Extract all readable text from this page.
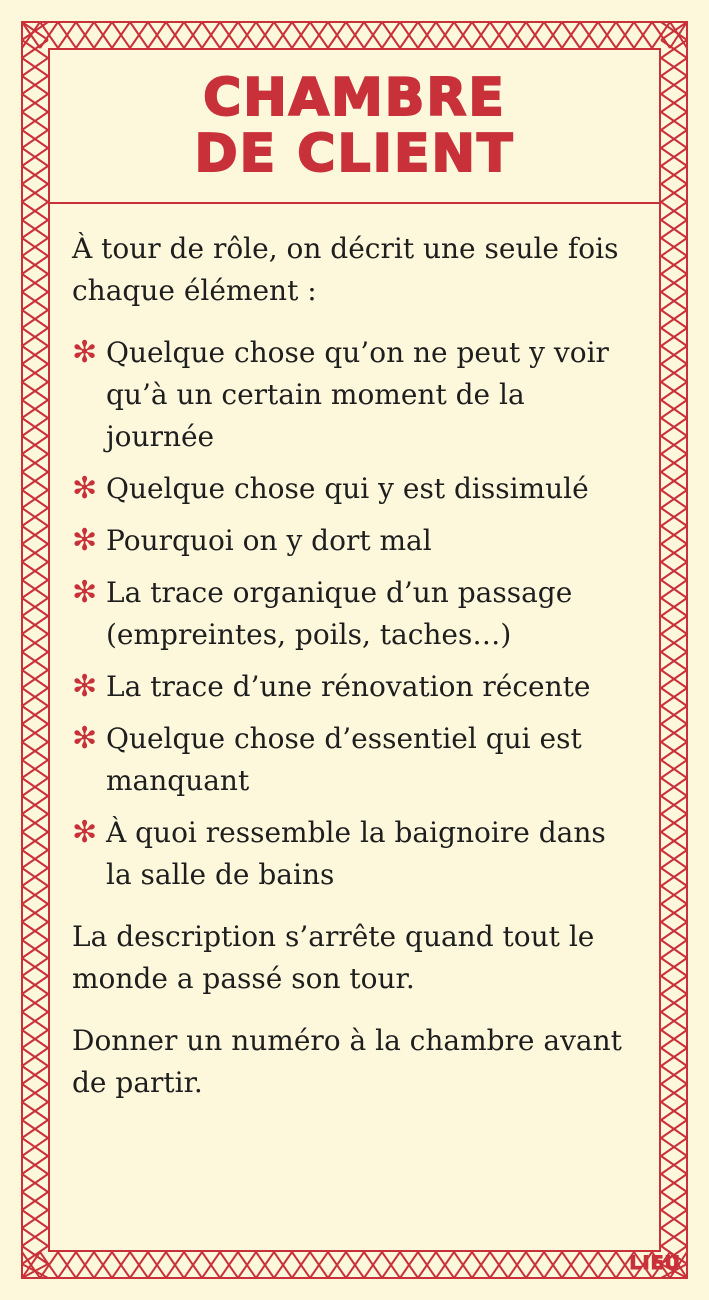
CHAMBRE
DE CLIENT

À tour de rôle, on décrit une seule fois chaque élément :

✻ Quelque chose qu’on ne peut y voir qu’à un certain moment de la journée
✻ Quelque chose qui y est dissimulé
✻ Pourquoi on y dort mal
✻ La trace organique d’un passage (empreintes, poils, taches…)
✻ La trace d’une rénovation récente
✻ Quelque chose d’essentiel qui est manquant
✻ À quoi ressemble la baignoire dans la salle de bains

La description s’arrête quand tout le monde a passé son tour.

Donner un numéro à la chambre avant de partir.

LIEU
